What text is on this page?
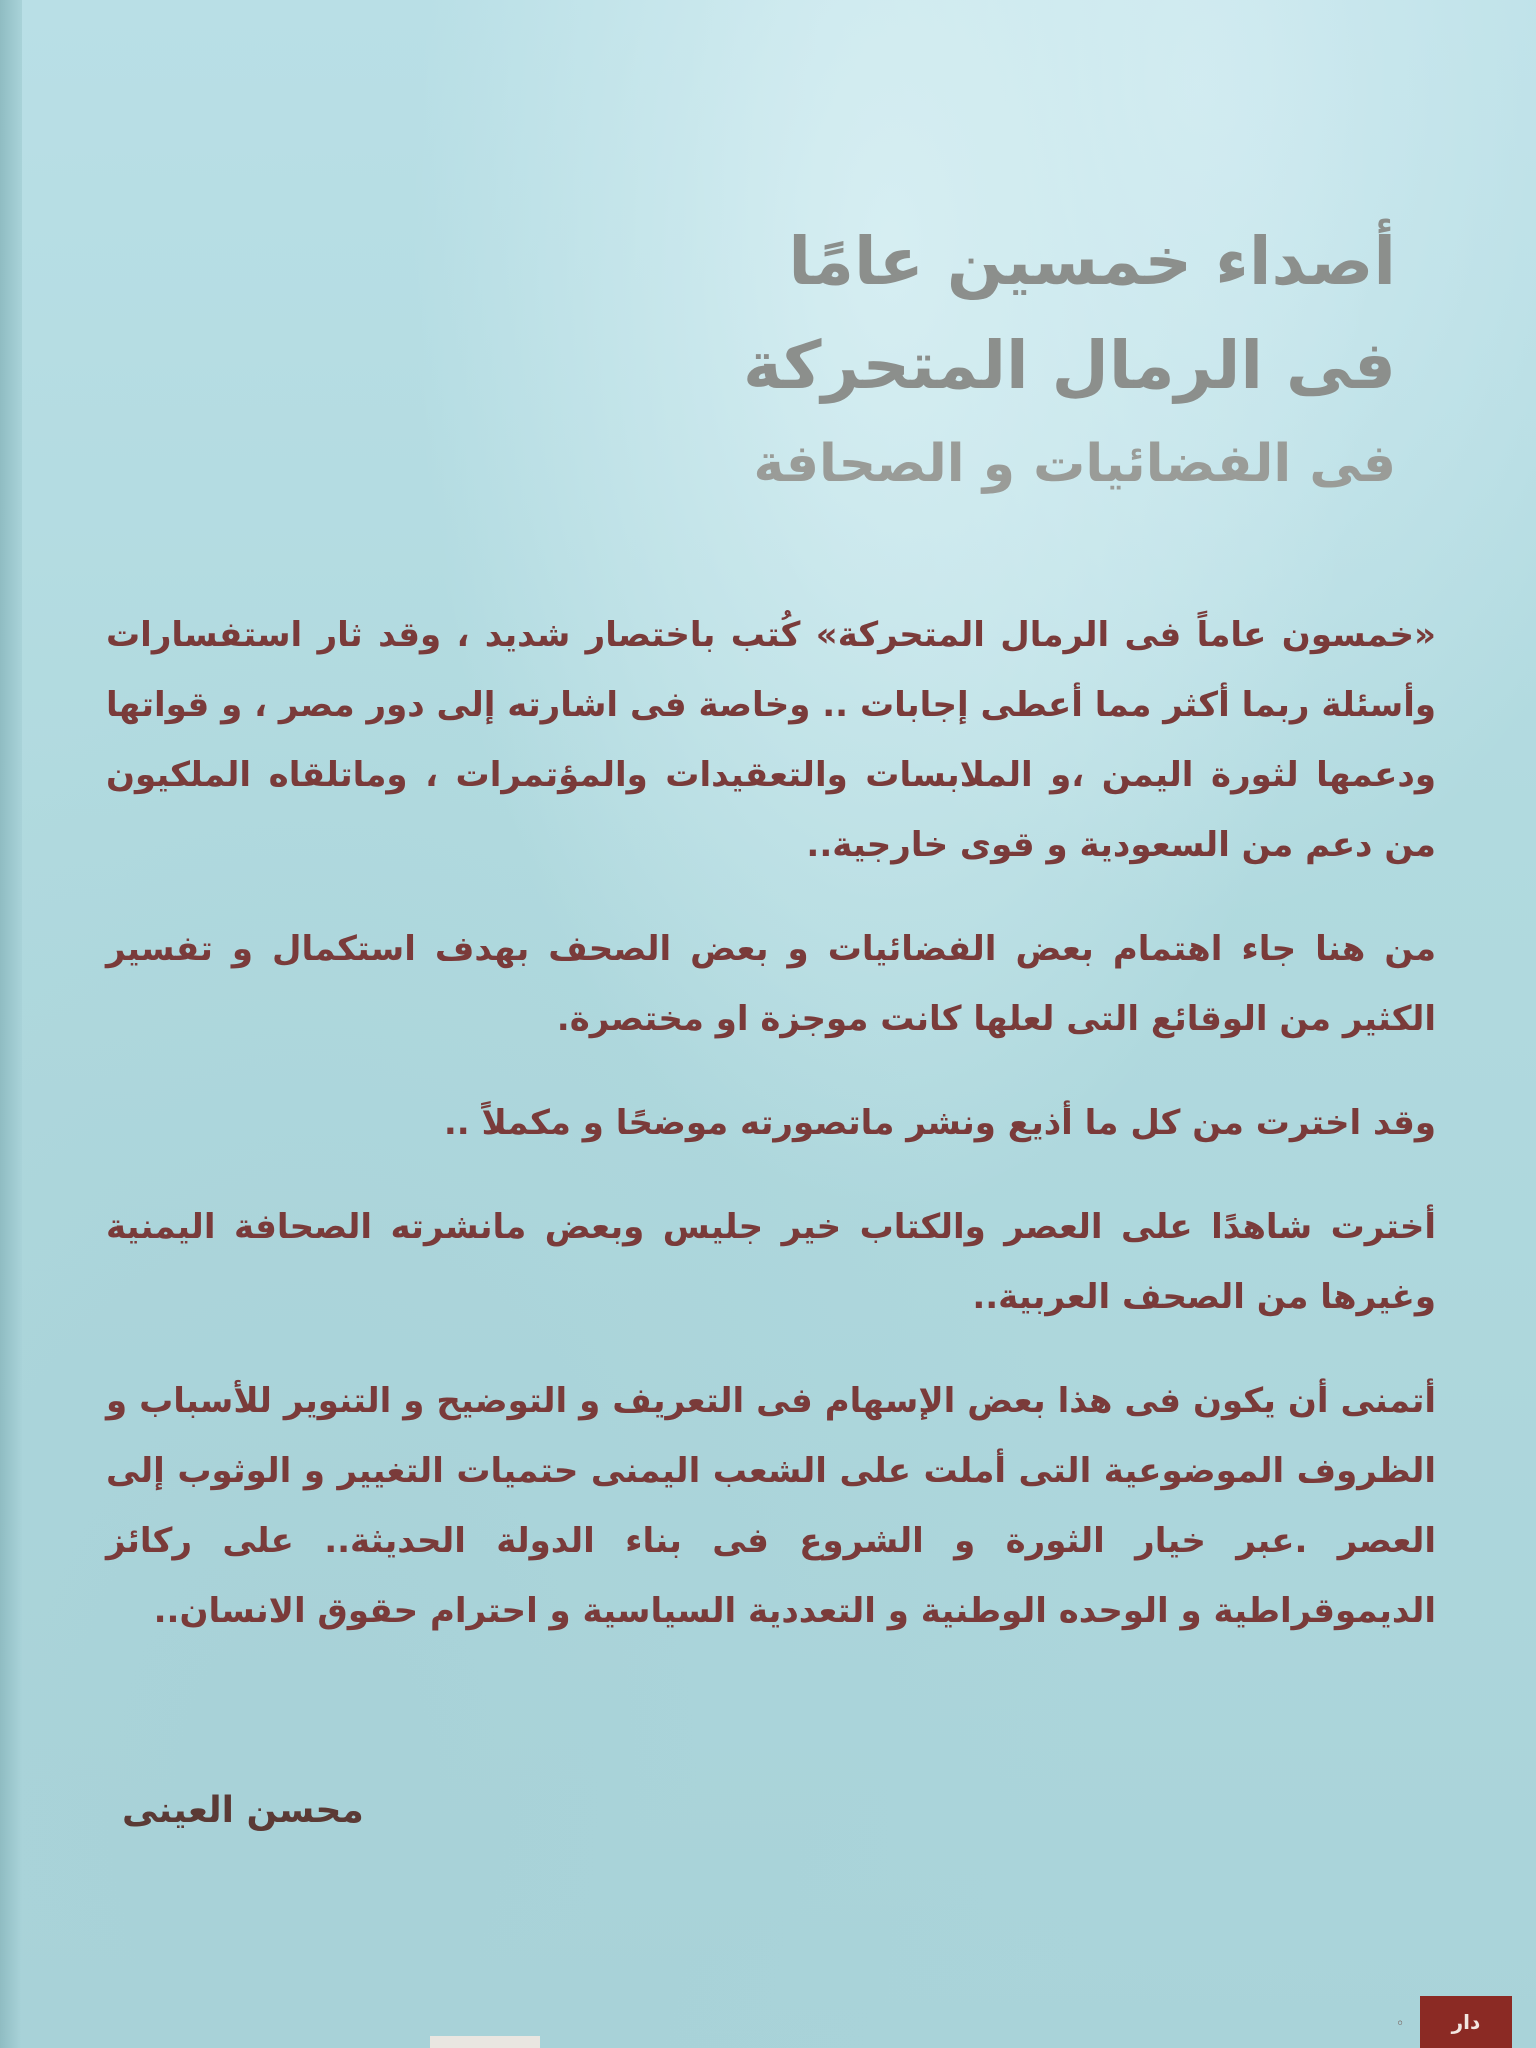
أصداء خمسين عامًا

فى الرمال المتحركة

فى الفضائيات و الصحافة

«خمسون عاماً فى الرمال المتحركة» كُتب باختصار شديد ، وقد ثار استفسارات وأسئلة ربما أكثر مما أعطى إجابات .. وخاصة فى اشارته إلى دور مصر ، و قواتها ودعمها لثورة اليمن ،و الملابسات والتعقيدات والمؤتمرات ، وماتلقاه الملكيون من دعم من السعودية و قوى خارجية..

من هنا جاء اهتمام بعض الفضائيات و بعض الصحف بهدف استكمال و تفسير الكثير من الوقائع التى لعلها كانت موجزة او مختصرة.

وقد اخترت من كل ما أذيع ونشر ماتصورته موضحًا و مكملاً ..

أخترت شاهدًا على العصر والكتاب خير جليس وبعض مانشرته الصحافة اليمنية وغيرها من الصحف العربية..

أتمنى أن يكون فى هذا بعض الإسهام فى التعريف و التوضيح و التنوير للأسباب و الظروف الموضوعية التى أملت على الشعب اليمنى حتميات التغيير و الوثوب إلى العصر .عبر خيار الثورة و الشروع فى بناء الدولة الحديثة.. على ركائز الديموقراطية و الوحده الوطنية و التعددية السياسية و احترام حقوق الانسان..

محسن العينى
◦	دار
